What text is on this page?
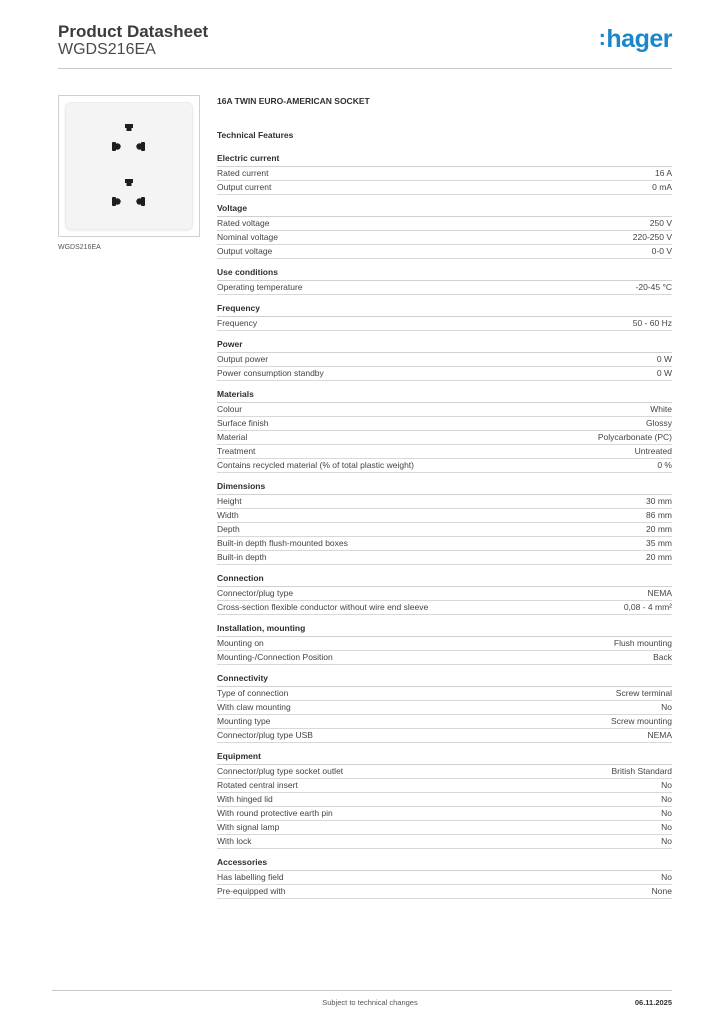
Product Datasheet
WGDS216EA	:hager
WGDS216EA
16A TWIN EURO-AMERICAN SOCKET
Technical Features
Electric current
Rated current	16 A
Output current	0 mA
Voltage
Rated voltage	250 V
Nominal voltage	220-250 V
Output voltage	0-0 V
Use conditions
Operating temperature	-20-45 °C
Frequency
Frequency	50 - 60 Hz
Power
Output power	0 W
Power consumption standby	0 W
Materials
Colour	White
Surface finish	Glossy
Material	Polycarbonate (PC)
Treatment	Untreated
Contains recycled material (% of total plastic weight)	0 %
Dimensions
Height	30 mm
Width	86 mm
Depth	20 mm
Built-in depth flush-mounted boxes	35 mm
Built-in depth	20 mm
Connection
Connector/plug type	NEMA
Cross-section flexible conductor without wire end sleeve	0,08 - 4 mm²
Installation, mounting
Mounting on	Flush mounting
Mounting-/Connection Position	Back
Connectivity
Type of connection	Screw terminal
With claw mounting	No
Mounting type	Screw mounting
Connector/plug type USB	NEMA
Equipment
Connector/plug type socket outlet	British Standard
Rotated central insert	No
With hinged lid	No
With round protective earth pin	No
With signal lamp	No
With lock	No
Accessories
Has labelling field	No
Pre-equipped with	None
Subject to technical changes	06.11.2025
